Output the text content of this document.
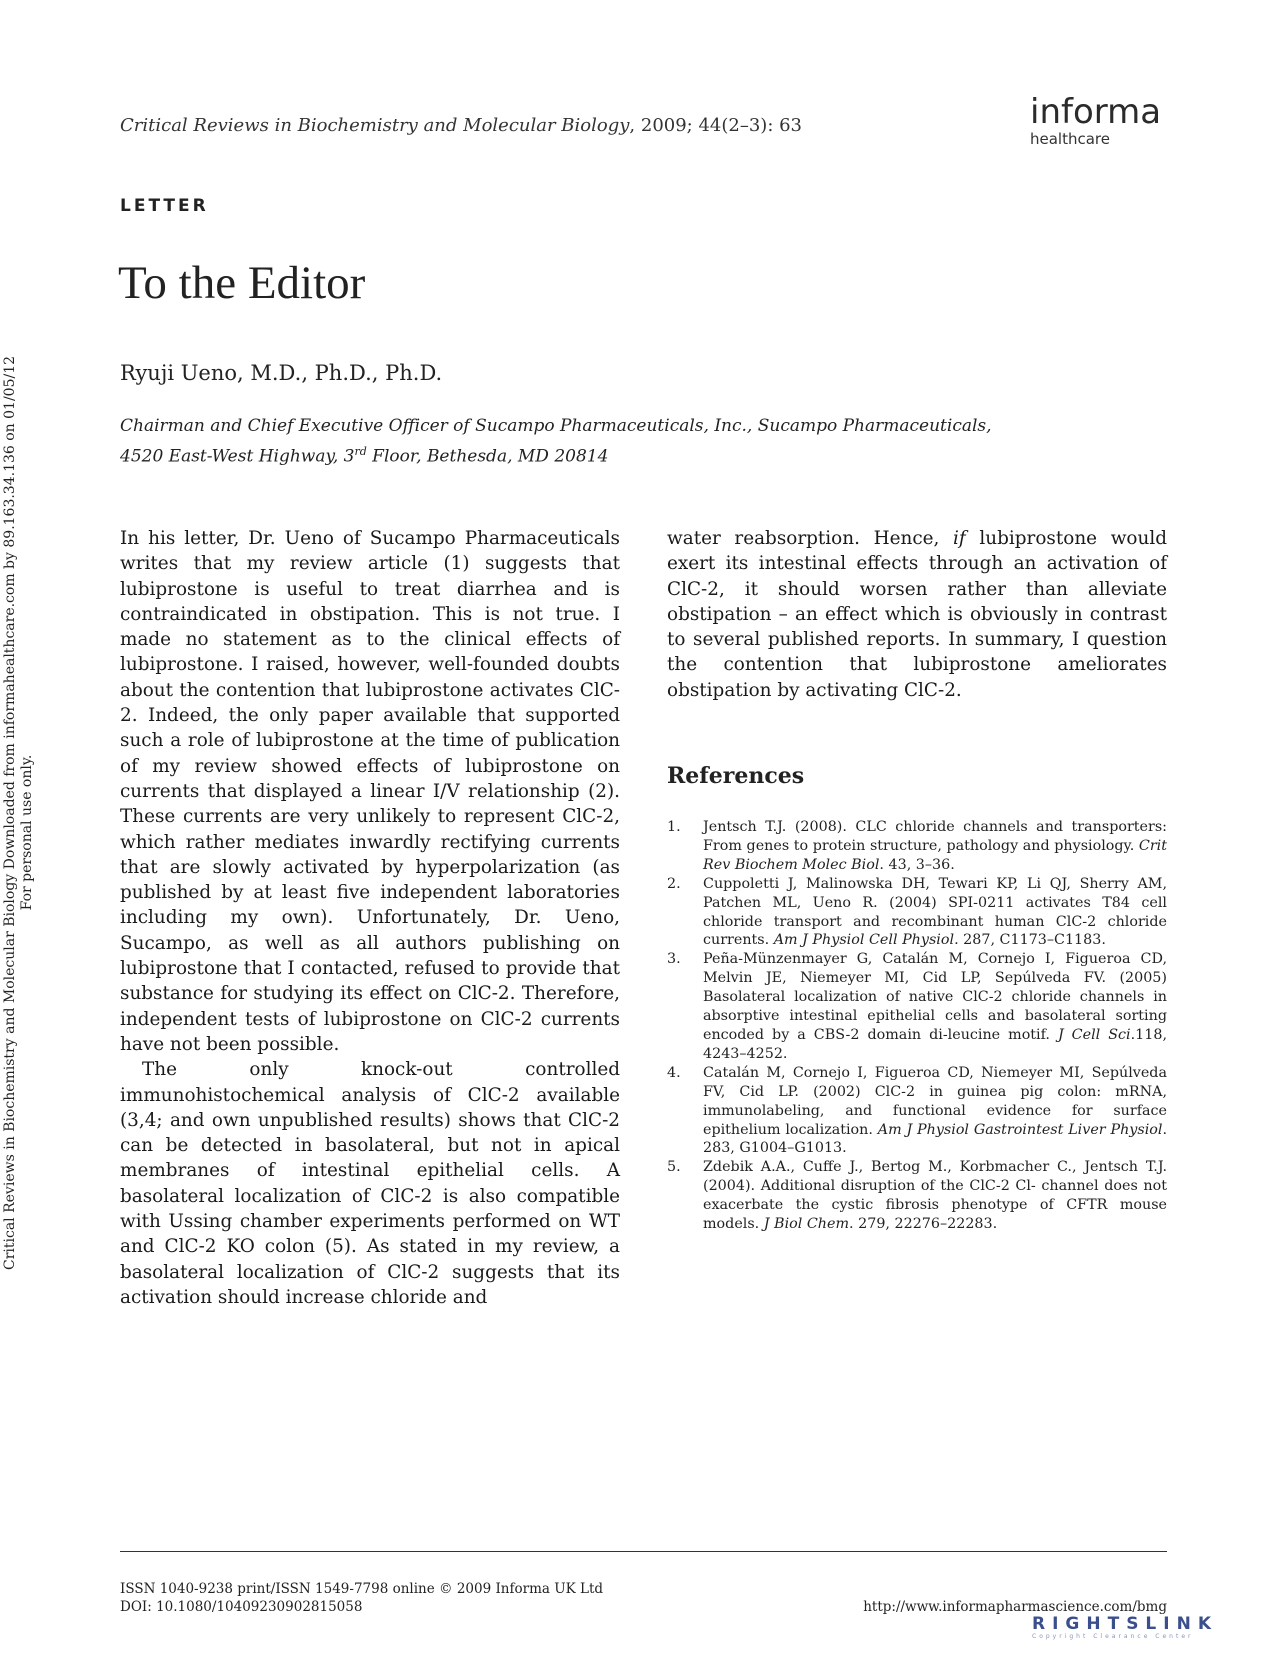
Critical Reviews in Biochemistry and Molecular Biology Downloaded from informahealthcare.com by 89.163.34.136 on 01/05/12 For personal use only.
Critical Reviews in Biochemistry and Molecular Biology, 2009; 44(2–3): 63	informa
healthcare
LETTER
To the Editor
Ryuji Ueno, M.D., Ph.D., Ph.D.
Chairman and Chief Executive Officer of Sucampo Pharmaceuticals, Inc., Sucampo Pharmaceuticals,
4520 East-West Highway, 3rd Floor, Bethesda, MD 20814

In his letter, Dr. Ueno of Sucampo Pharmaceuticals writes that my review article (1) suggests that lubiprostone is useful to treat diarrhea and is contraindicated in obstipation. This is not true. I made no statement as to the clinical effects of lubiprostone. I raised, however, well-founded doubts about the contention that lubiprostone activates ClC-2. Indeed, the only paper available that supported such a role of lubiprostone at the time of publication of my review showed effects of lubiprostone on currents that displayed a linear I/V relationship (2). These currents are very unlikely to represent ClC-2, which rather mediates inwardly rectifying currents that are slowly activated by hyperpolarization (as published by at least five independent laboratories including my own). Unfortunately, Dr. Ueno, Sucampo, as well as all authors publishing on lubiprostone that I contacted, refused to provide that substance for studying its effect on ClC-2. Therefore, independent tests of lubiprostone on ClC-2 currents have not been possible.

The only knock-out controlled immunohistochemical analysis of ClC-2 available (3,4; and own unpublished results) shows that ClC-2 can be detected in basolateral, but not in apical membranes of intestinal epithelial cells. A basolateral localization of ClC-2 is also compatible with Ussing chamber experiments performed on WT and ClC-2 KO colon (5). As stated in my review, a basolateral localization of ClC-2 suggests that its activation should increase chloride and

water reabsorption. Hence, if lubiprostone would exert its intestinal effects through an activation of ClC-2, it should worsen rather than alleviate obstipation – an effect which is obviously in contrast to several published reports. In summary, I question the contention that lubiprostone ameliorates obstipation by activating ClC-2.

References
1. Jentsch T.J. (2008). CLC chloride channels and transporters: From genes to protein structure, pathology and physiology. Crit Rev Biochem Molec Biol. 43, 3–36.
2. Cuppoletti J, Malinowska DH, Tewari KP, Li QJ, Sherry AM, Patchen ML, Ueno R. (2004) SPI-0211 activates T84 cell chloride transport and recombinant human ClC-2 chloride currents. Am J Physiol Cell Physiol. 287, C1173–C1183.
3. Peña-Münzenmayer G, Catalán M, Cornejo I, Figueroa CD, Melvin JE, Niemeyer MI, Cid LP, Sepúlveda FV. (2005) Basolateral localization of native ClC-2 chloride channels in absorptive intestinal epithelial cells and basolateral sorting encoded by a CBS-2 domain di-leucine motif. J Cell Sci.118, 4243–4252.
4. Catalán M, Cornejo I, Figueroa CD, Niemeyer MI, Sepúlveda FV, Cid LP. (2002) ClC-2 in guinea pig colon: mRNA, immunolabeling, and functional evidence for surface epithelium localization. Am J Physiol Gastrointest Liver Physiol. 283, G1004–G1013.
5. Zdebik A.A., Cuffe J., Bertog M., Korbmacher C., Jentsch T.J. (2004). Additional disruption of the ClC-2 Cl- channel does not exacerbate the cystic fibrosis phenotype of CFTR mouse models. J Biol Chem. 279, 22276–22283.
ISSN 1040-9238 print/ISSN 1549-7798 online © 2009 Informa UK Ltd
DOI: 10.1080/10409230902815058	http://www.informapharmascience.com/bmg
RIGHTSLINK
Copyright Clearance Center
